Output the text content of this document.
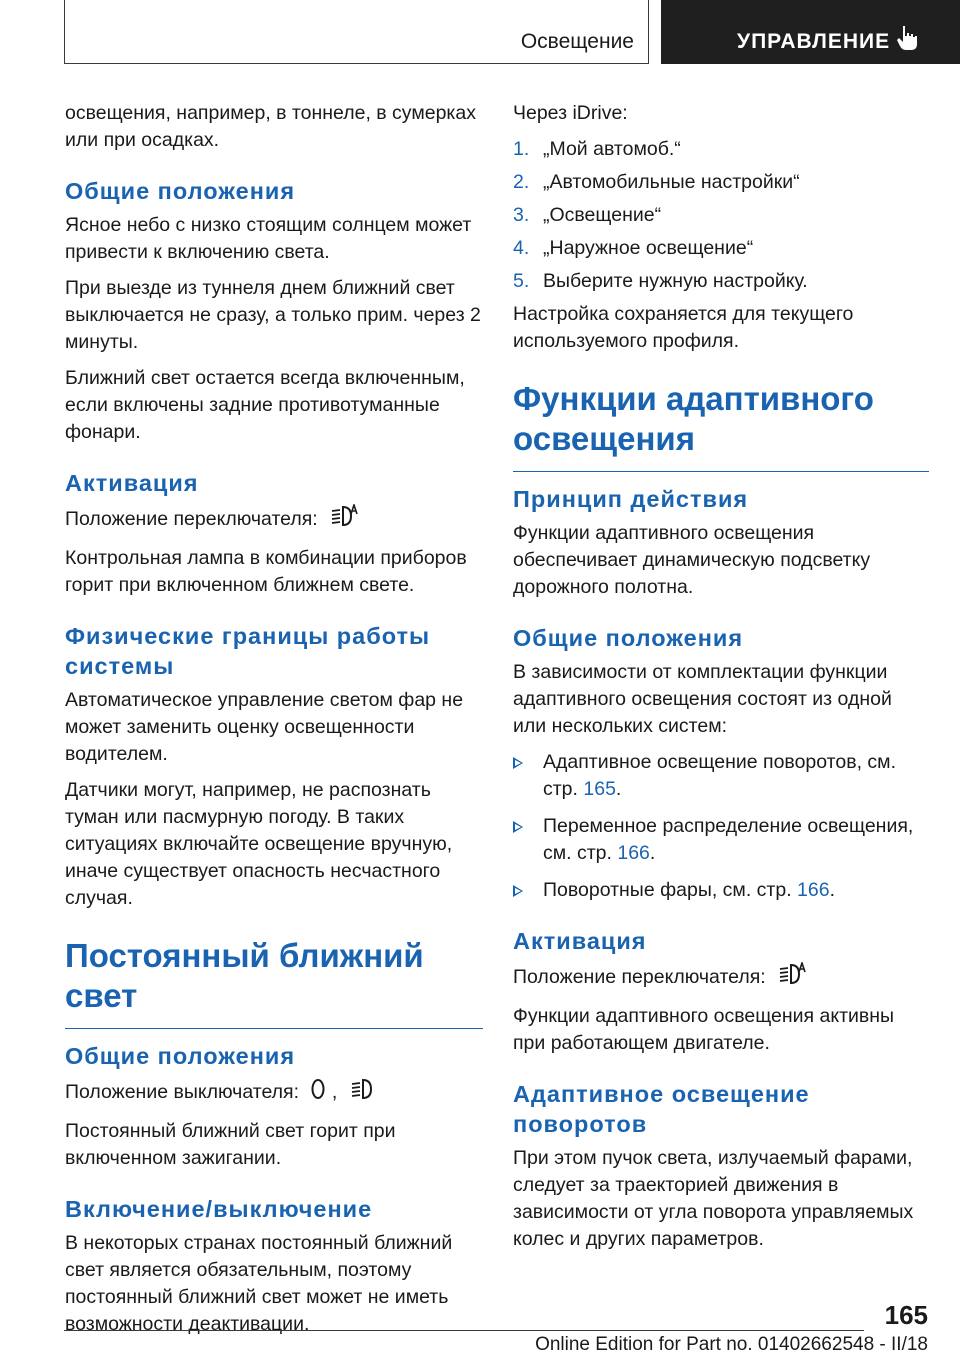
Освещение	УПРАВЛЕНИЕ

освещения, например, в тоннеле, в сумерках или при осадках.

Общие положения

Ясное небо с низко стоящим солнцем может привести к включению света.

При выезде из туннеля днем ближний свет выключается не сразу, а только прим. через 2 минуты.

Ближний свет остается всегда включенным, если включены задние противотуманные фонари.

Активация

Положение переключателя:

Контрольная лампа в комбинации приборов горит при включенном ближнем свете.

Физические границы работы системы

Автоматическое управление светом фар не может заменить оценку освещенности водителем.

Датчики могут, например, не распознать туман или пасмурную погоду. В таких ситуациях включайте освещение вручную, иначе существует опасность несчастного случая.

Постоянный ближний свет
Общие положения

Положение выключателя: ,

Постоянный ближний свет горит при включенном зажигании.

Включение/выключение

В некоторых странах постоянный ближний свет является обязательным, поэтому постоянный ближний свет может не иметь возможности деактивации.

Через iDrive:

1. „Мой автомоб.“
2. „Автомобильные настройки“
3. „Освещение“
4. „Наружное освещение“
5. Выберите нужную настройку.

Настройка сохраняется для текущего используемого профиля.

Функции адаптивного освещения
Принцип действия

Функции адаптивного освещения обеспечивает динамическую подсветку дорожного полотна.

Общие положения

В зависимости от комплектации функции адаптивного освещения состоят из одной или нескольких систем:

Адаптивное освещение поворотов, см. стр. 165.
Переменное распределение освещения, см. стр. 166.
Поворотные фары, см. стр. 166.
Активация

Положение переключателя:

Функции адаптивного освещения активны при работающем двигателе.

Адаптивное освещение поворотов

При этом пучок света, излучаемый фарами, следует за траекторией движения в зависимости от угла поворота управляемых колес и других параметров.

165
Online Edition for Part no. 01402662548 - II/18
